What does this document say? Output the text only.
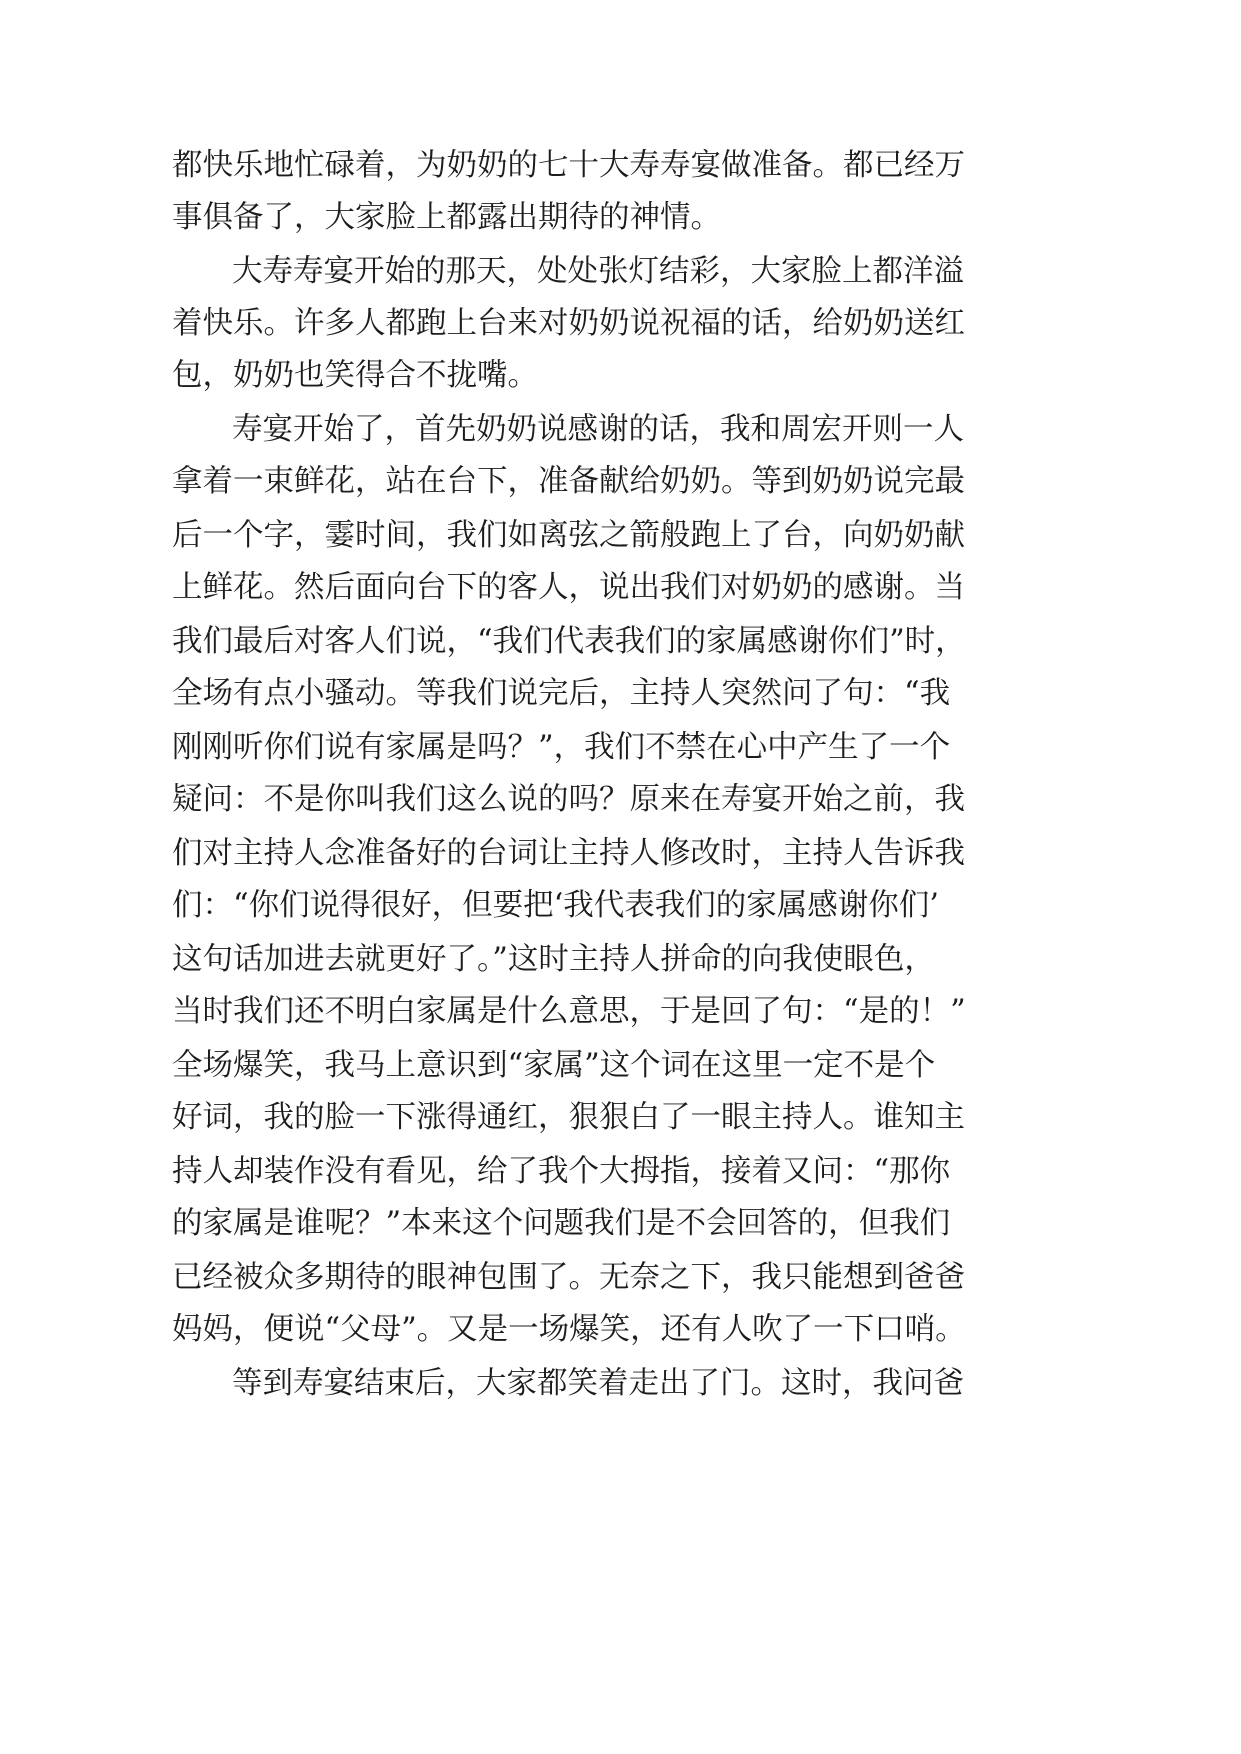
都快乐地忙碌着，为奶奶的七十大寿寿宴做准备。都已经万

事俱备了，大家脸上都露出期待的神情。

大寿寿宴开始的那天，处处张灯结彩，大家脸上都洋溢

着快乐。许多人都跑上台来对奶奶说祝福的话，给奶奶送红

包，奶奶也笑得合不拢嘴。

寿宴开始了，首先奶奶说感谢的话，我和周宏开则一人

拿着一束鲜花，站在台下，准备献给奶奶。等到奶奶说完最

后一个字，霎时间，我们如离弦之箭般跑上了台，向奶奶献

上鲜花。然后面向台下的客人，说出我们对奶奶的感谢。当

我们最后对客人们说，“我们代表我们的家属感谢你们”时，

全场有点小骚动。等我们说完后，主持人突然问了句：“我

刚刚听你们说有家属是吗？”，我们不禁在心中产生了一个

疑问：不是你叫我们这么说的吗？原来在寿宴开始之前，我

们对主持人念准备好的台词让主持人修改时，主持人告诉我

们：“你们说得很好，但要把‘我代表我们的家属感谢你们’

这句话加进去就更好了。”这时主持人拼命的向我使眼色，

当时我们还不明白家属是什么意思，于是回了句：“是的！”

全场爆笑，我马上意识到“家属”这个词在这里一定不是个

好词，我的脸一下涨得通红，狠狠白了一眼主持人。谁知主

持人却装作没有看见，给了我个大拇指，接着又问：“那你

的家属是谁呢？”本来这个问题我们是不会回答的，但我们

已经被众多期待的眼神包围了。无奈之下，我只能想到爸爸

妈妈，便说“父母”。又是一场爆笑，还有人吹了一下口哨。

等到寿宴结束后，大家都笑着走出了门。这时，我问爸
